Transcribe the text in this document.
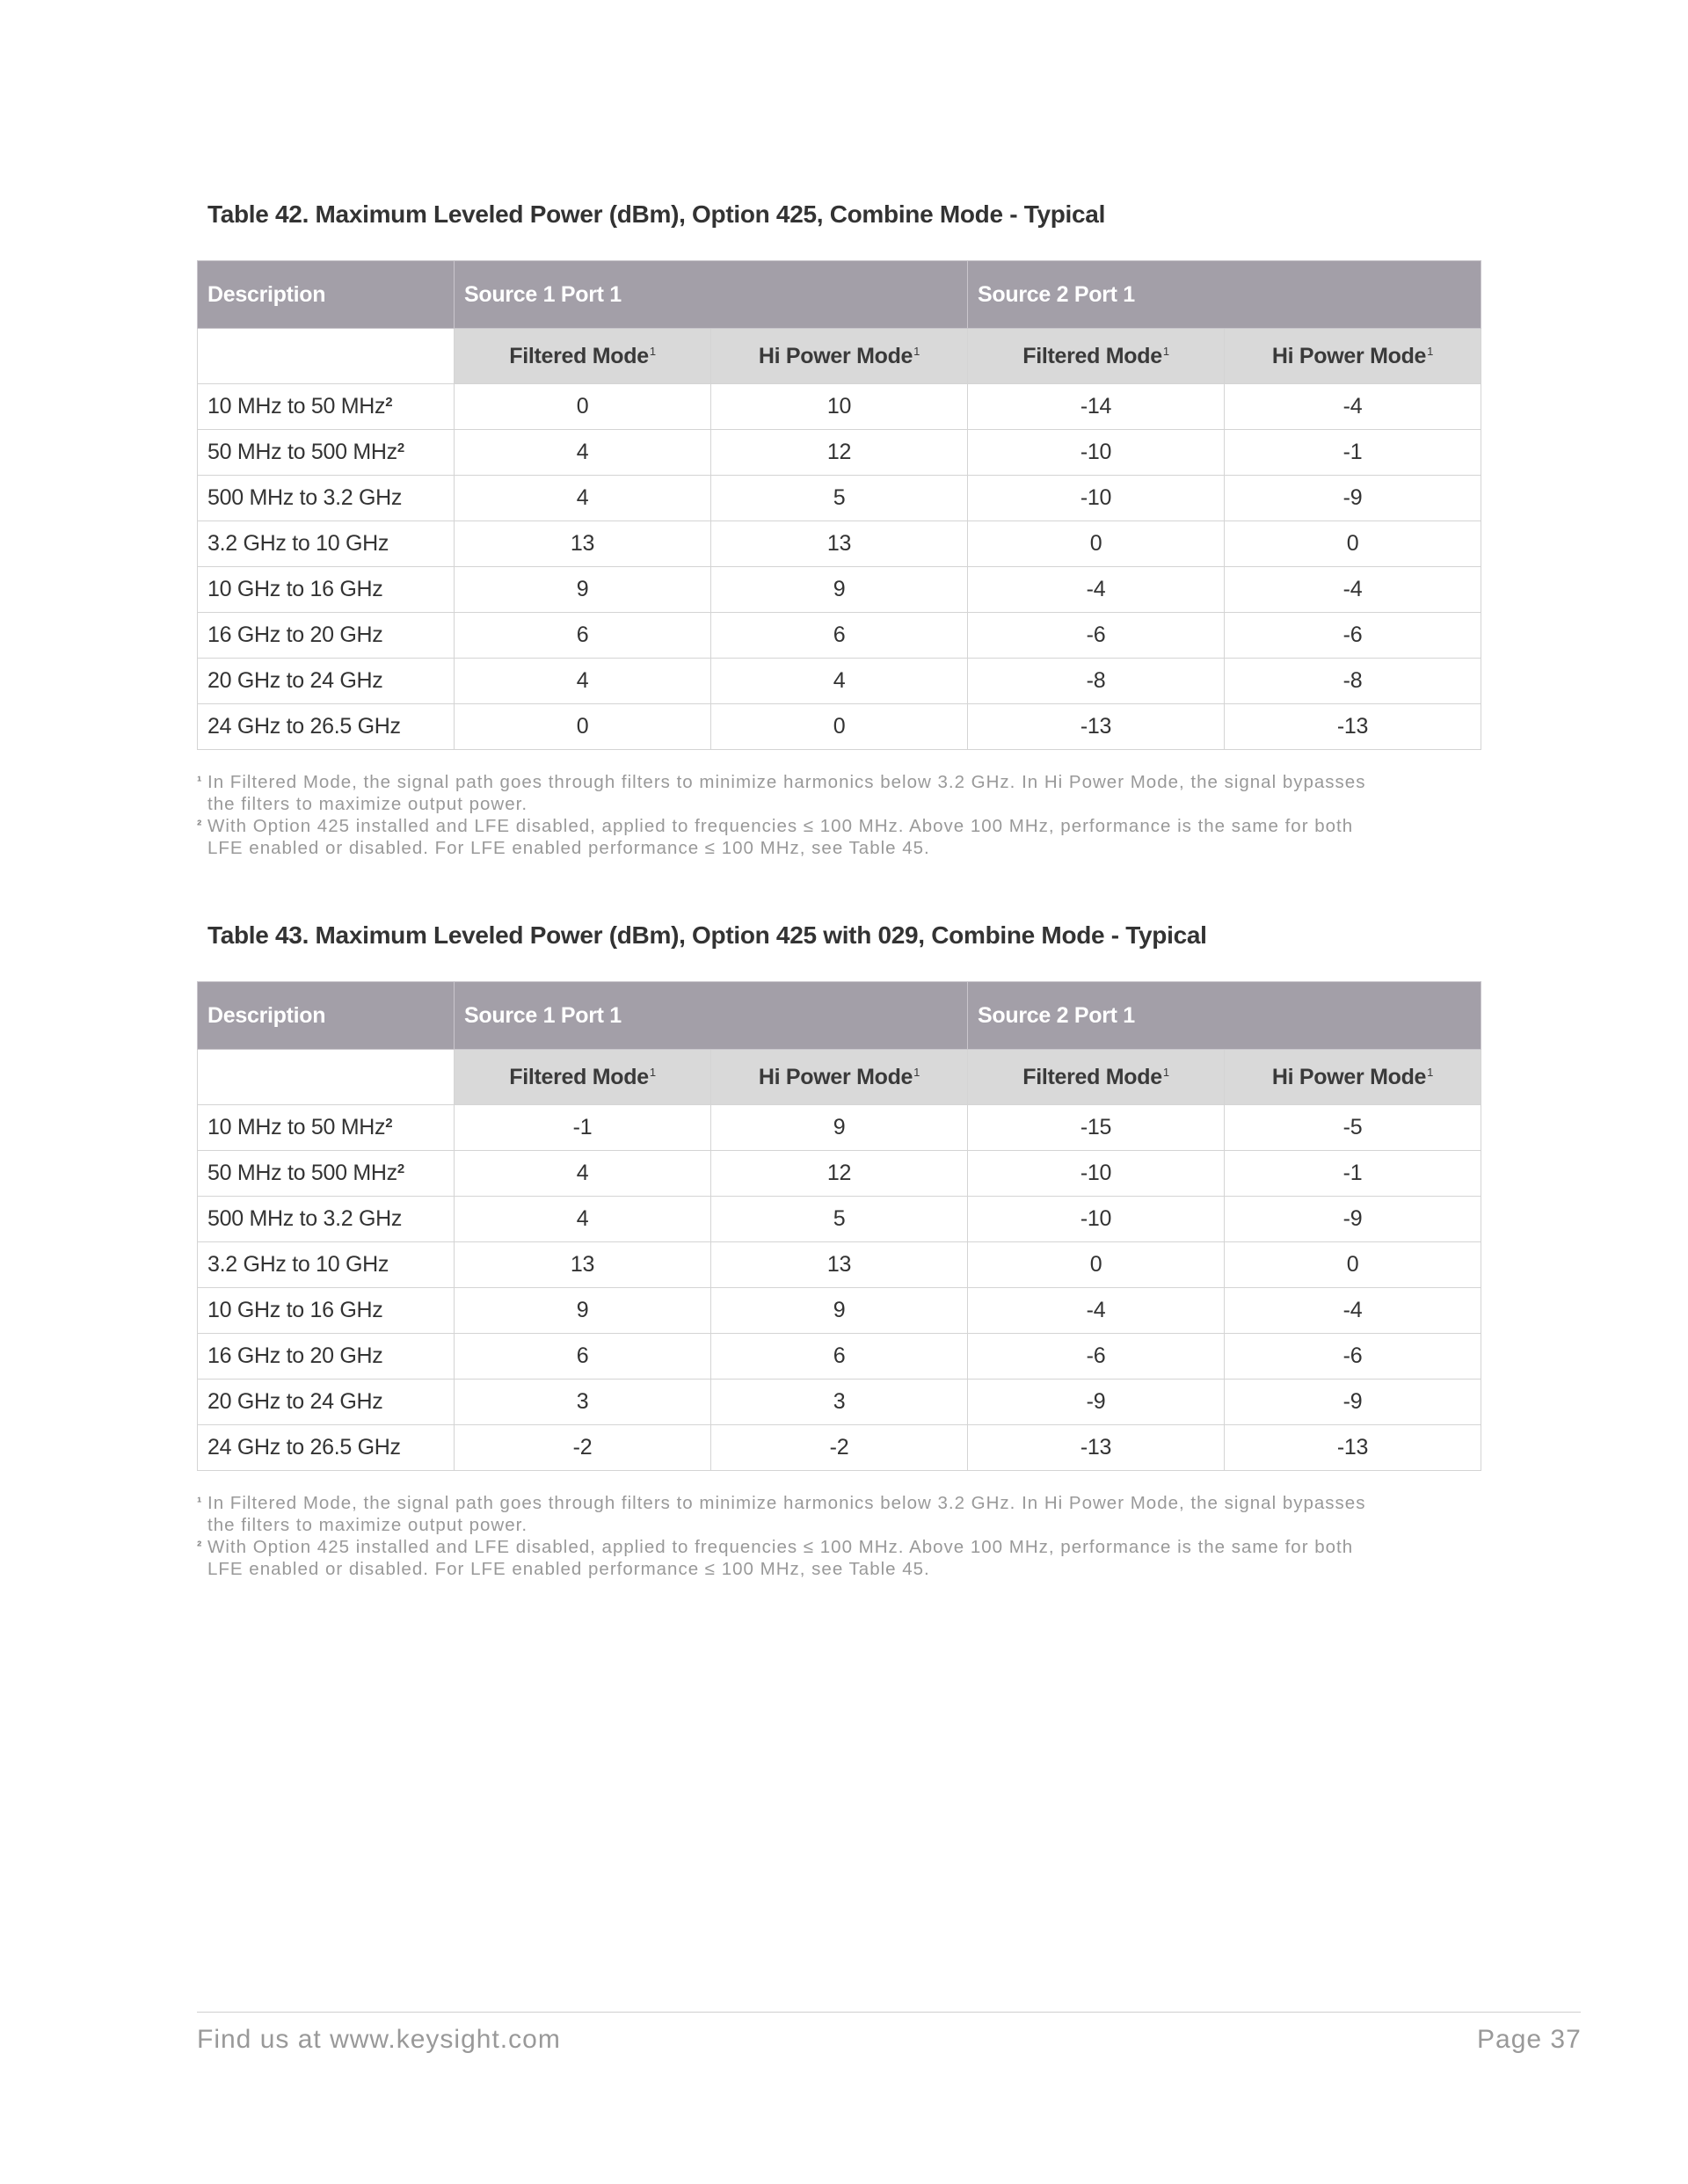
Table 42. Maximum Leveled Power (dBm), Option 425, Combine Mode - Typical
Description	Source 1 Port 1		Source 2 Port 1	
	Filtered Mode$^1$	Hi Power Mode$^1$	Filtered Mode$^1$	Hi Power Mode$^1$
10 MHz to 50 MHz$^2$	0	10	-14	-4
50 MHz to 500 MHz$^2$	4	12	-10	-1
500 MHz to 3.2 GHz	4	5	-10	-9
3.2 GHz to 10 GHz	13	13	0	0
10 GHz to 16 GHz	9	9	-4	-4
16 GHz to 20 GHz	6	6	-6	-6
20 GHz to 24 GHz	4	4	-8	-8
24 GHz to 26.5 GHz	0	0	-13	-13
¹ In Filtered Mode, the signal path goes through filters to minimize harmonics below 3.2 GHz. In Hi Power Mode, the signal bypasses the filters to maximize output power.
² With Option 425 installed and LFE disabled, applied to frequencies ≤ 100 MHz. Above 100 MHz, performance is the same for both LFE enabled or disabled. For LFE enabled performance ≤ 100 MHz, see Table 45.
Table 43. Maximum Leveled Power (dBm), Option 425 with 029, Combine Mode - Typical
Description	Source 1 Port 1		Source 2 Port 1	
	Filtered Mode$^1$	Hi Power Mode$^1$	Filtered Mode$^1$	Hi Power Mode$^1$
10 MHz to 50 MHz$^2$	-1	9	-15	-5
50 MHz to 500 MHz$^2$	4	12	-10	-1
500 MHz to 3.2 GHz	4	5	-10	-9
3.2 GHz to 10 GHz	13	13	0	0
10 GHz to 16 GHz	9	9	-4	-4
16 GHz to 20 GHz	6	6	-6	-6
20 GHz to 24 GHz	3	3	-9	-9
24 GHz to 26.5 GHz	-2	-2	-13	-13
¹ In Filtered Mode, the signal path goes through filters to minimize harmonics below 3.2 GHz. In Hi Power Mode, the signal bypasses the filters to maximize output power.
² With Option 425 installed and LFE disabled, applied to frequencies ≤ 100 MHz. Above 100 MHz, performance is the same for both LFE enabled or disabled. For LFE enabled performance ≤ 100 MHz, see Table 45.
Find us at www.keysight.com	Page 37
